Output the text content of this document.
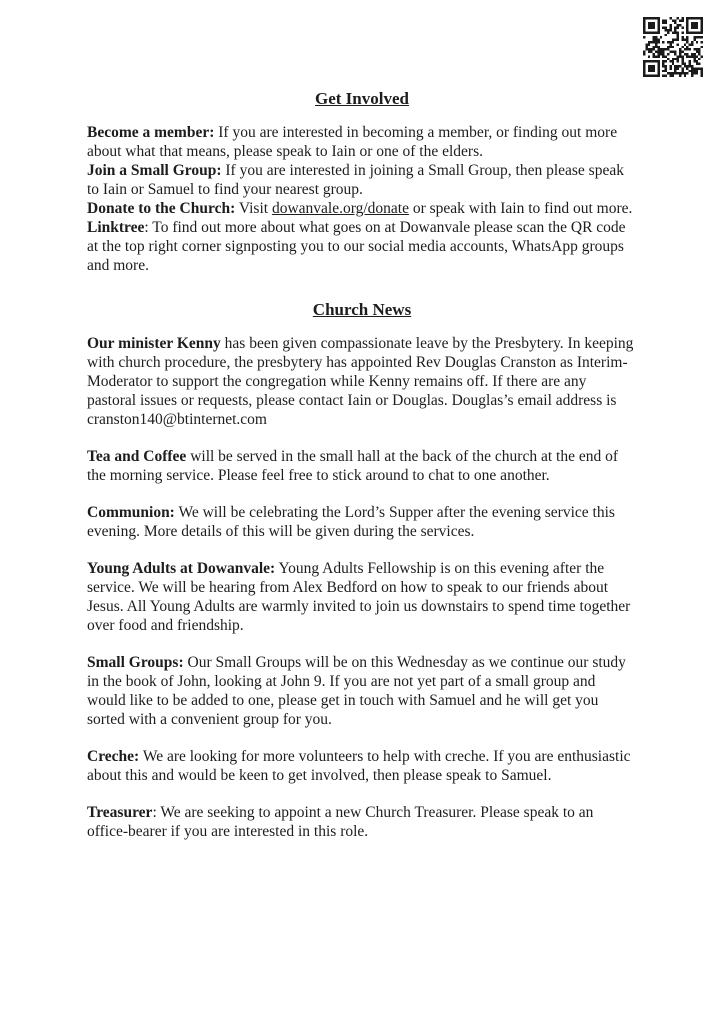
Get Involved

Become a member: If you are interested in becoming a member, or finding out more about what that means, please speak to Iain or one of the elders.

Join a Small Group: If you are interested in joining a Small Group, then please speak to Iain or Samuel to find your nearest group.

Donate to the Church: Visit dowanvale.org/donate or speak with Iain to find out more.

Linktree: To find out more about what goes on at Dowanvale please scan the QR code at the top right corner signposting you to our social media accounts, WhatsApp groups and more.

Church News

Our minister Kenny has been given compassionate leave by the Presbytery. In keeping with church procedure, the presbytery has appointed Rev Douglas Cranston as Interim-Moderator to support the congregation while Kenny remains off. If there are any pastoral issues or requests, please contact Iain or Douglas. Douglas’s email address is cranston140@btinternet.com

Tea and Coffee will be served in the small hall at the back of the church at the end of the morning service. Please feel free to stick around to chat to one another.

Communion: We will be celebrating the Lord’s Supper after the evening service this evening. More details of this will be given during the services.

Young Adults at Dowanvale: Young Adults Fellowship is on this evening after the service. We will be hearing from Alex Bedford on how to speak to our friends about Jesus. All Young Adults are warmly invited to join us downstairs to spend time together over food and friendship.

Small Groups: Our Small Groups will be on this Wednesday as we continue our study in the book of John, looking at John 9. If you are not yet part of a small group and would like to be added to one, please get in touch with Samuel and he will get you sorted with a convenient group for you.

Creche: We are looking for more volunteers to help with creche. If you are enthusiastic about this and would be keen to get involved, then please speak to Samuel.

Treasurer: We are seeking to appoint a new Church Treasurer. Please speak to an office-bearer if you are interested in this role.
